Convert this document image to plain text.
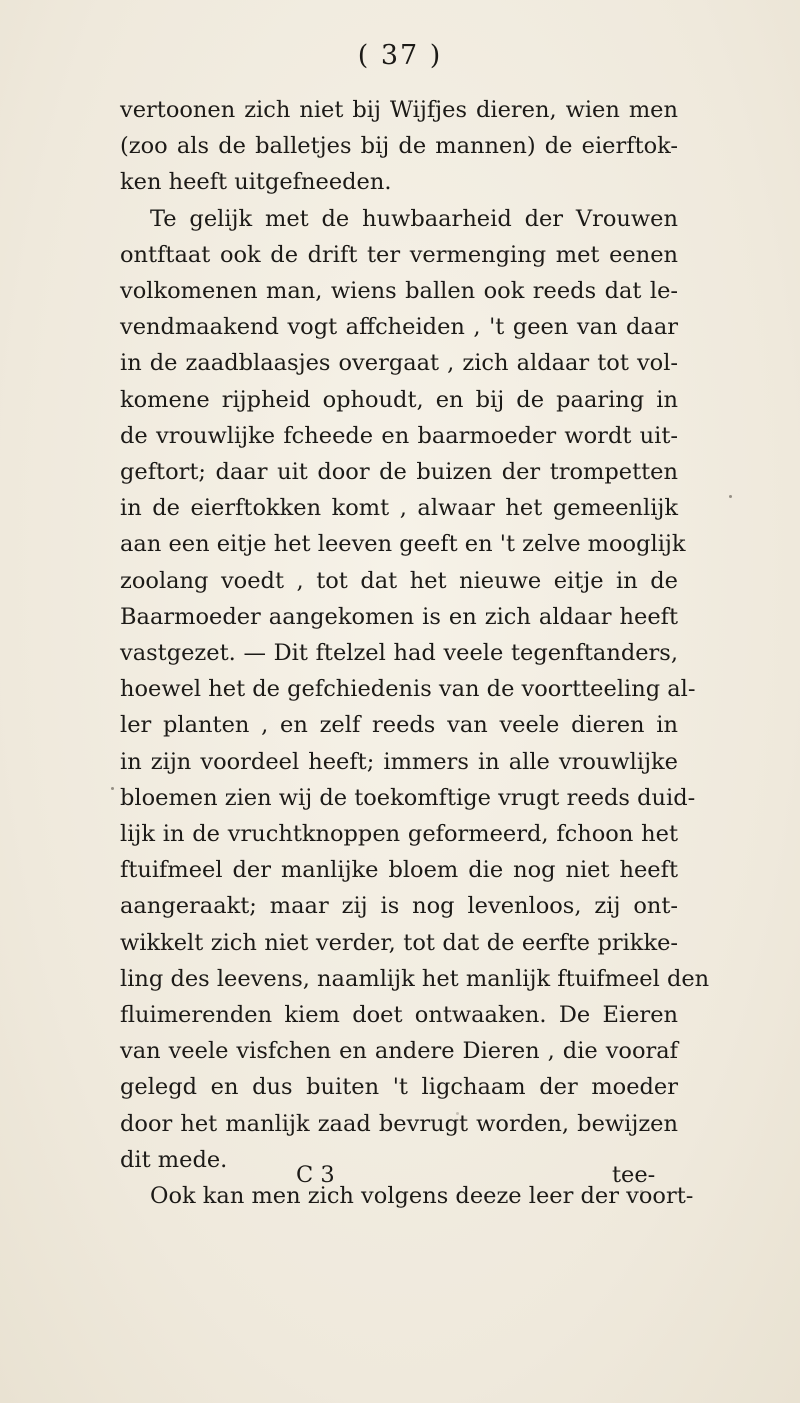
( 37 )
vertoonen zich niet bij Wijfjes dieren, wien men
(zoo als de balletjes bij de mannen) de eierftok-
ken heeft uitgefneeden.
Te gelijk met de huwbaarheid der Vrouwen
ontftaat ook de drift ter vermenging met eenen
volkomenen man, wiens ballen ook reeds dat le-
vendmaakend vogt affcheiden , 't geen van daar
in de zaadblaasjes overgaat , zich aldaar tot vol-
komene rijpheid ophoudt, en bij de paaring in
de vrouwlijke fcheede en baarmoeder wordt uit-
geftort; daar uit door de buizen der trompetten
in de eierftokken komt , alwaar het gemeenlijk
aan een eitje het leeven geeft en 't zelve mooglijk
zoolang voedt , tot dat het nieuwe eitje in de
Baarmoeder aangekomen is en zich aldaar heeft
vastgezet. — Dit ftelzel had veele tegenftanders,
hoewel het de gefchiedenis van de voortteeling al-
ler planten , en zelf reeds van veele dieren in
in zijn voordeel heeft; immers in alle vrouwlijke
bloemen zien wij de toekomftige vrugt reeds duid-
lijk in de vruchtknoppen geformeerd, fchoon het
ftuifmeel der manlijke bloem die nog niet heeft
aangeraakt; maar zij is nog levenloos, zij ont-
wikkelt zich niet verder, tot dat de eerfte prikke-
ling des leevens, naamlijk het manlijk ftuifmeel den
fluimerenden kiem doet ontwaaken. De Eieren
van veele visfchen en andere Dieren , die vooraf
gelegd en dus buiten 't ligchaam der moeder
door het manlijk zaad bevrugt worden, bewijzen
dit mede.
Ook kan men zich volgens deeze leer der voort-
C 3	tee-
